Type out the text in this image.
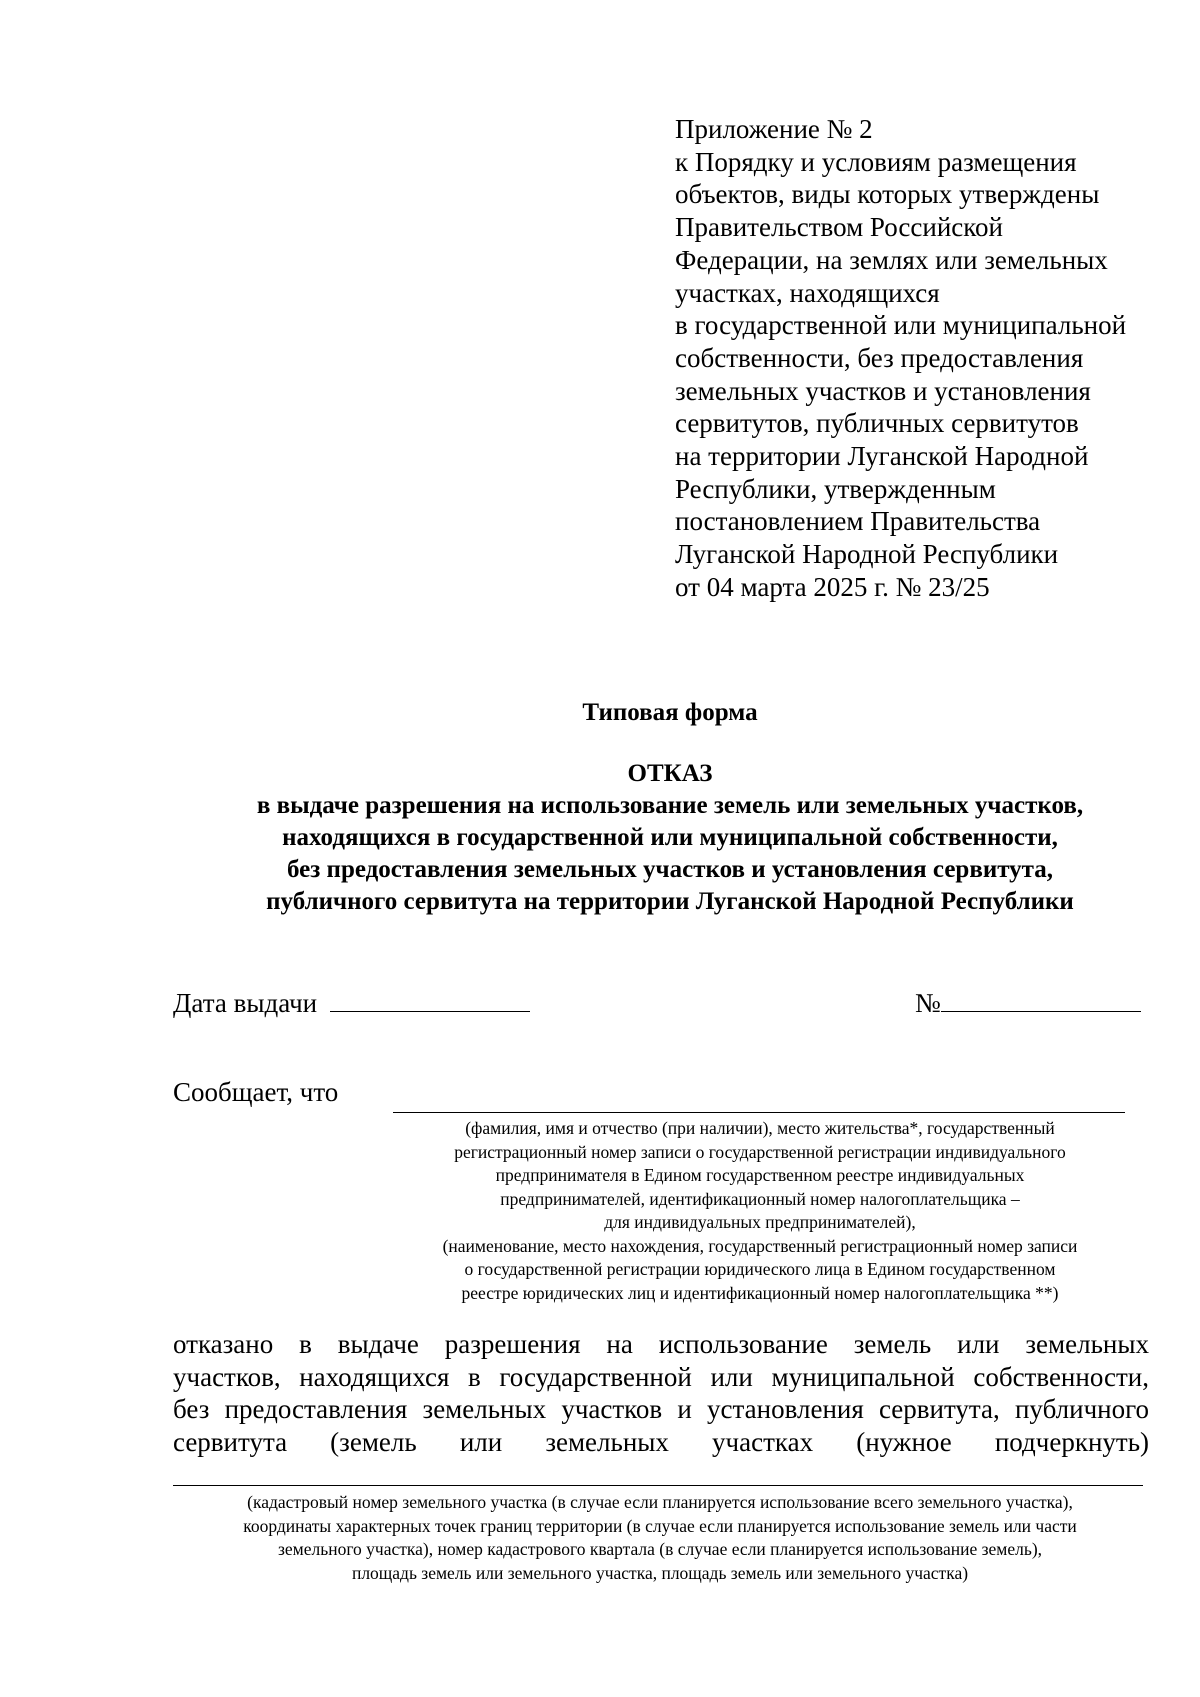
Приложение № 2
к Порядку и условиям размещения
объектов, виды которых утверждены
Правительством Российской
Федерации, на землях или земельных
участках, находящихся
в государственной или муниципальной
собственности, без предоставления
земельных участков и установления
сервитутов, публичных сервитутов
на территории Луганской Народной
Республики, утвержденным
постановлением Правительства
Луганской Народной Республики
от 04 марта 2025 г. № 23/25
Типовая форма
ОТКАЗ
в выдаче разрешения на использование земель или земельных участков,
находящихся в государственной или муниципальной собственности,
без предоставления земельных участков и установления сервитута,
публичного сервитута на территории Луганской Народной Республики
Дата выдачи	№
Сообщает, что
(фамилия, имя и отчество (при наличии), место жительства*, государственный
регистрационный номер записи о государственной регистрации индивидуального
предпринимателя в Едином государственном реестре индивидуальных
предпринимателей, идентификационный номер налогоплательщика –
для индивидуальных предпринимателей),
(наименование, место нахождения, государственный регистрационный номер записи
о государственной регистрации юридического лица в Едином государственном
реестре юридических лиц и идентификационный номер налогоплательщика **)
отказано в выдаче разрешения на использование земель или земельных
участков, находящихся в государственной или муниципальной собственности,
без предоставления земельных участков и установления сервитута, публичного
сервитута (земель или земельных участках (нужное подчеркнуть)
(кадастровый номер земельного участка (в случае если планируется использование всего земельного участка),
координаты характерных точек границ территории (в случае если планируется использование земель или части
земельного участка), номер кадастрового квартала (в случае если планируется использование земель),
площадь земель или земельного участка, площадь земель или земельного участка)
